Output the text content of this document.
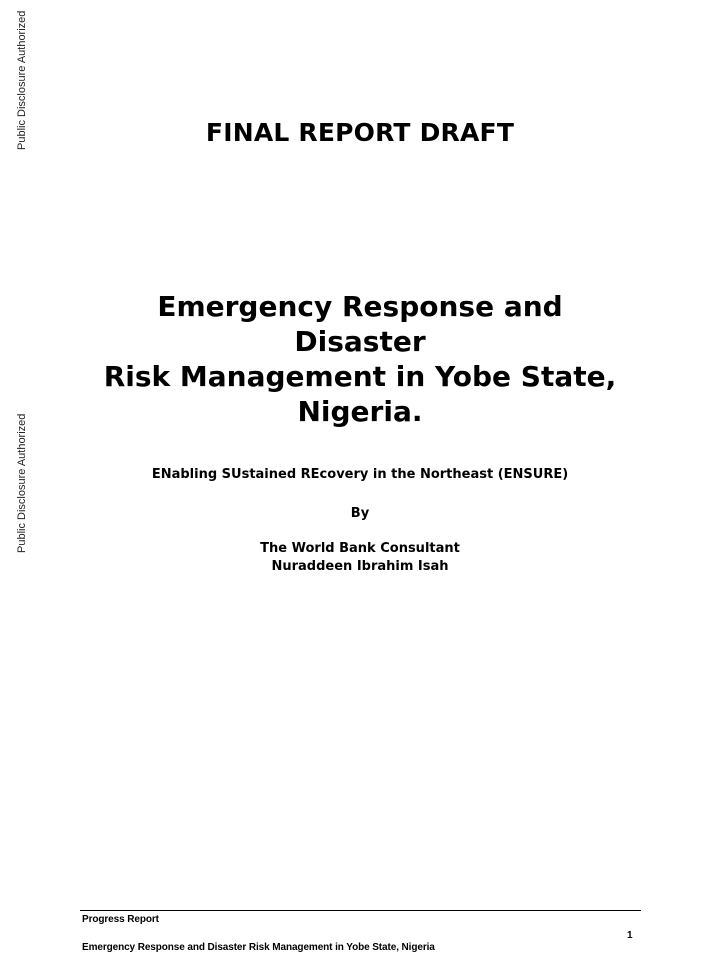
Public Disclosure Authorized
Public Disclosure Authorized
FINAL REPORT DRAFT
Emergency Response and Disaster
Risk Management in Yobe State,
Nigeria.
ENabling SUstained REcovery in the Northeast (ENSURE)
By
The World Bank Consultant
Nuraddeen Ibrahim Isah
Progress Report
1
Emergency Response and Disaster Risk Management in Yobe State, Nigeria
